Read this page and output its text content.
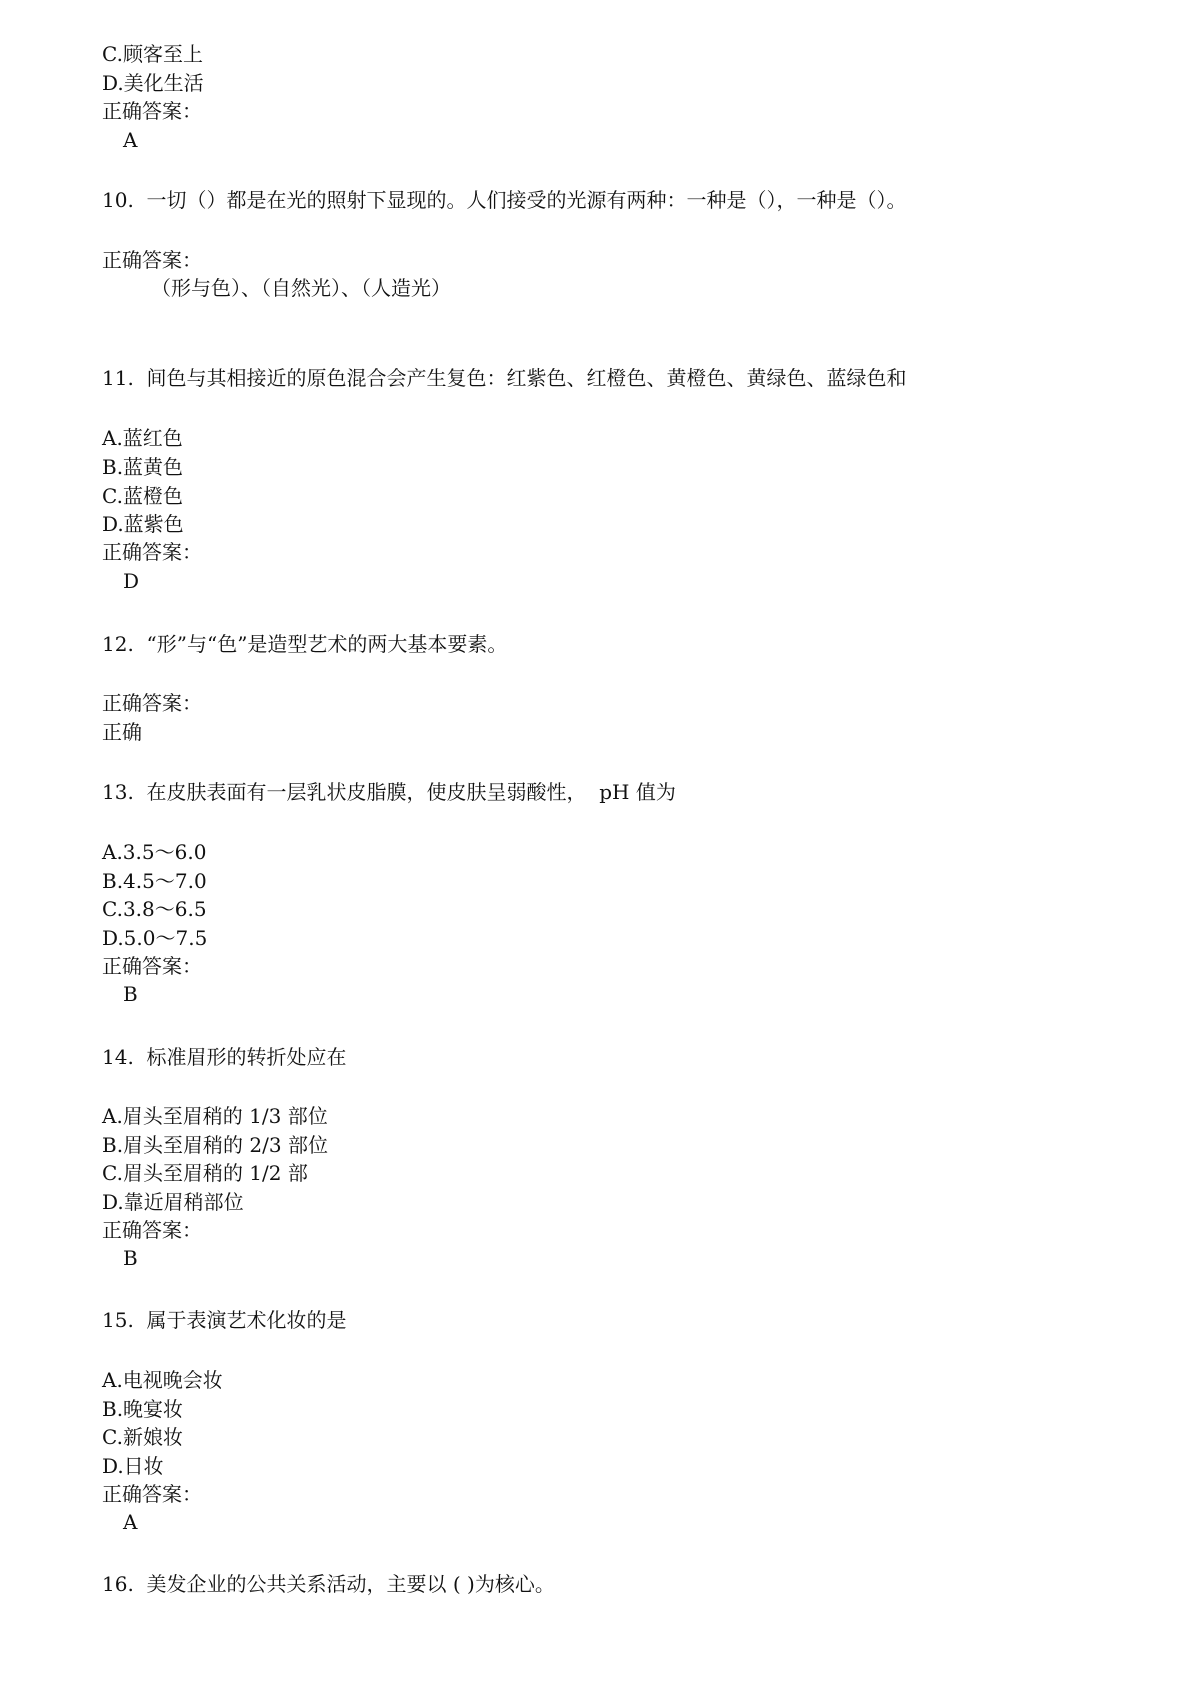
C.顾客至上
D.美化生活
正确答案：
A
10.  一切（）都是在光的照射下显现的。人们接受的光源有两种：一种是（），一种是（）。
正确答案：
（形与色）、（自然光）、（人造光）
11.  间色与其相接近的原色混合会产生复色：红紫色、红橙色、黄橙色、黄绿色、蓝绿色和
A.蓝红色
B.蓝黄色
C.蓝橙色
D.蓝紫色
正确答案：
D
12.  “形”与“色”是造型艺术的两大基本要素。
正确答案：
正确
13.  在皮肤表面有一层乳状皮脂膜，使皮肤呈弱酸性，  pH 值为
A.3.5～6.0
B.4.5～7.0
C.3.8～6.5
D.5.0～7.5
正确答案：
B
14.  标准眉形的转折处应在
A.眉头至眉稍的 1/3 部位
B.眉头至眉稍的 2/3 部位
C.眉头至眉稍的 1/2 部
D.靠近眉稍部位
正确答案：
B
15.  属于表演艺术化妆的是
A.电视晚会妆
B.晚宴妆
C.新娘妆
D.日妆
正确答案：
A
16.  美发企业的公共关系活动，主要以 ( )为核心。
